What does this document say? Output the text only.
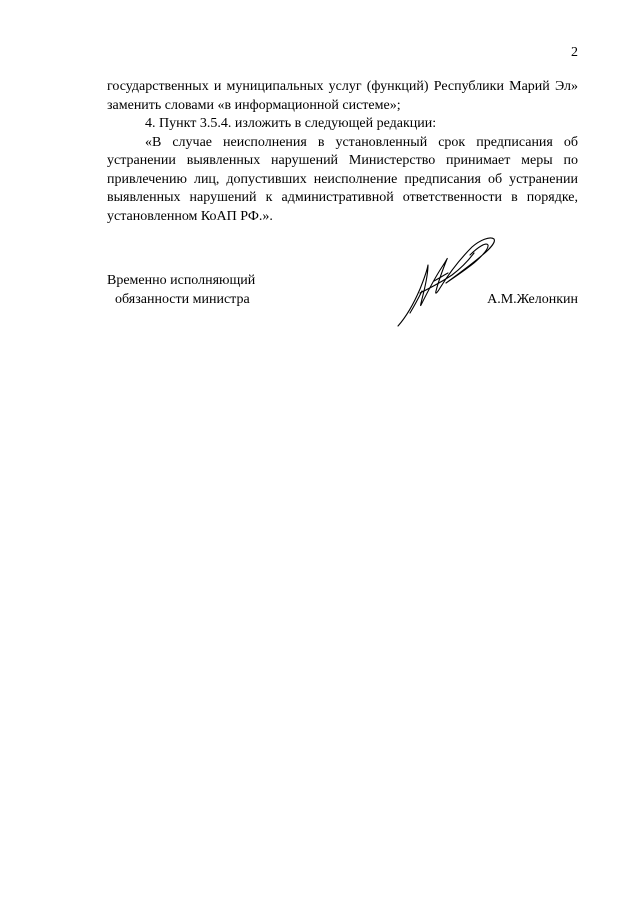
2

государственных и муниципальных услуг (функций) Республики Марий Эл» заменить словами «в информационной системе»;

4. Пункт 3.5.4. изложить в следующей редакции:

«В случае неисполнения в установленный срок предписания об устранении выявленных нарушений Министерство принимает меры по привлечению лиц, допустивших неисполнение предписания об устранении выявленных нарушений к административной ответственности в порядке, установленном КоАП РФ.».

Временно исполняющий
обязанности министра	А.М.Желонкин
